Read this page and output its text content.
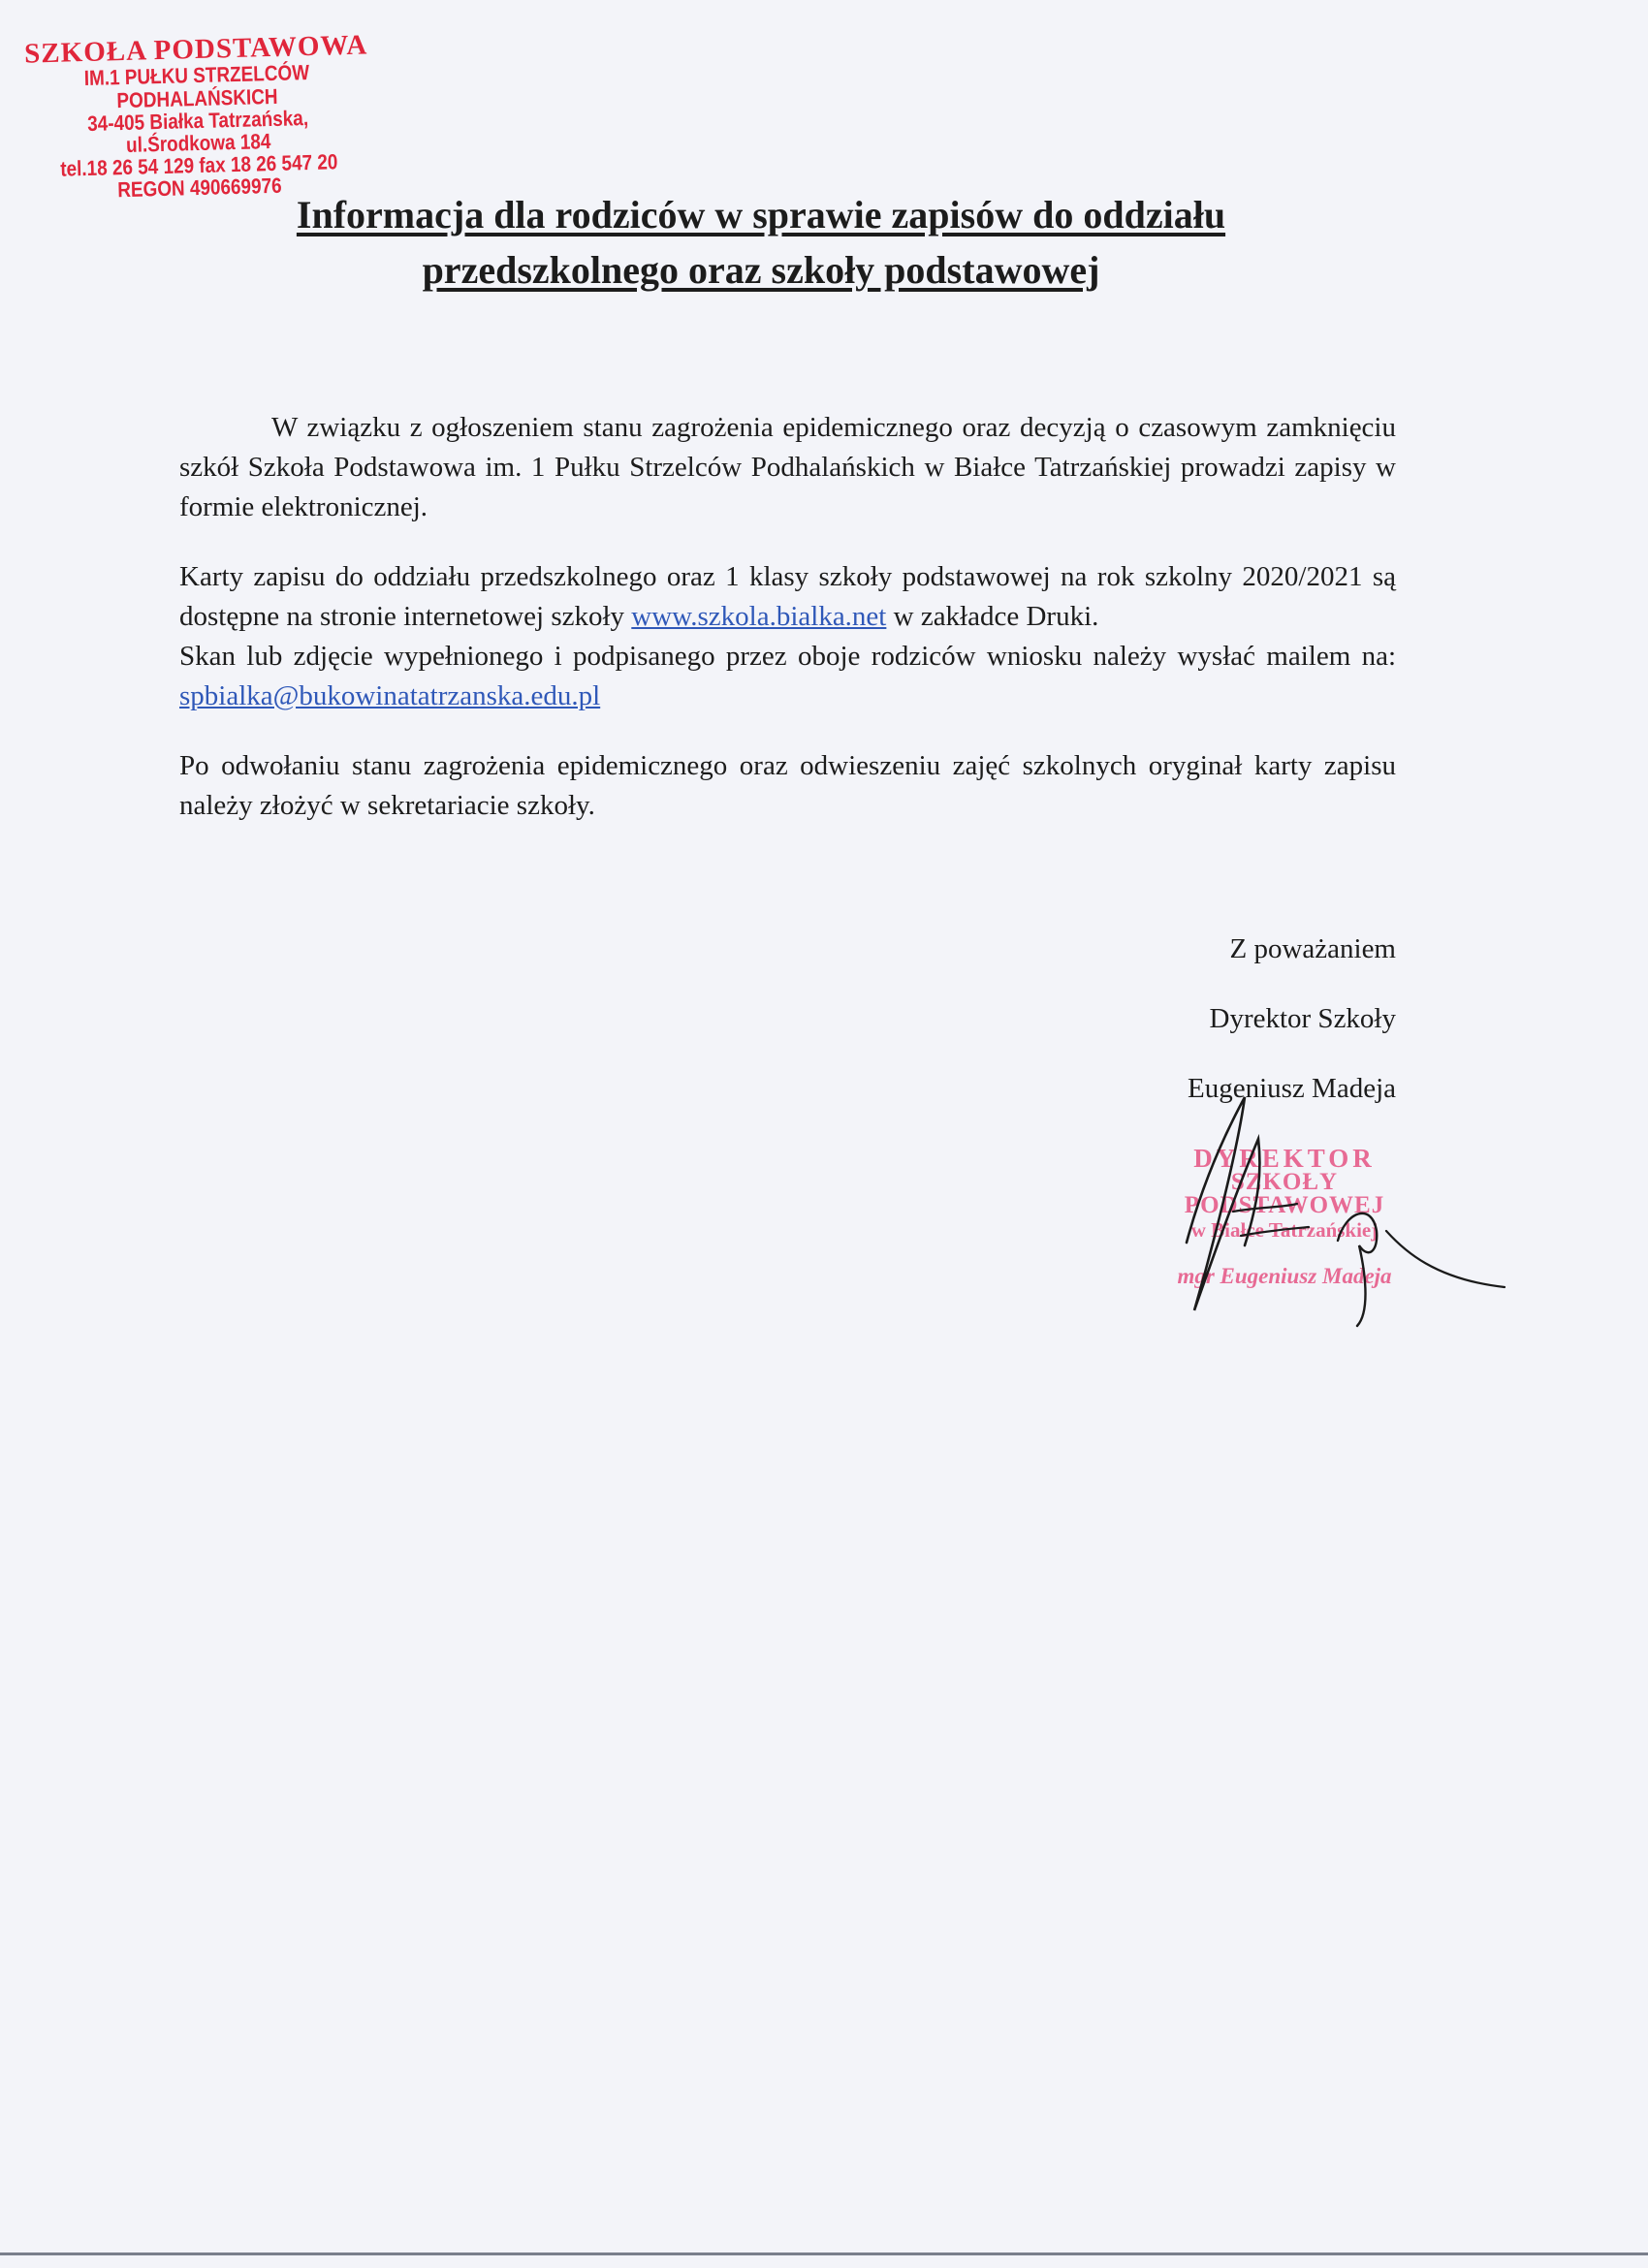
SZKOŁA PODSTAWOWA
IM.1 PUŁKU STRZELCÓW PODHALAŃSKICH
34-405 Białka Tatrzańska, ul.Środkowa 184
tel.18 26 54 129 fax 18 26 547 20
REGON 490669976
Informacja dla rodziców w sprawie zapisów do oddziału
przedszkolnego oraz szkoły podstawowej

W związku z ogłoszeniem stanu zagrożenia epidemicznego oraz decyzją o czasowym zamknięciu szkół Szkoła Podstawowa im. 1 Pułku Strzelców Podhalańskich w Białce Tatrzańskiej prowadzi zapisy w formie elektronicznej.

Karty zapisu do oddziału przedszkolnego oraz 1 klasy szkoły podstawowej na rok szkolny 2020/2021 są dostępne na stronie internetowej szkoły www.szkola.bialka.net w zakładce Druki.

Skan lub zdjęcie wypełnionego i podpisanego przez oboje rodziców wniosku należy wysłać mailem na: spbialka@bukowinatatrzanska.edu.pl

Po odwołaniu stanu zagrożenia epidemicznego oraz odwieszeniu zajęć szkolnych oryginał karty zapisu należy złożyć w sekretariacie szkoły.

Z poważaniem
Dyrektor Szkoły
Eugeniusz Madeja
DYREKTOR
SZKOŁY PODSTAWOWEJ
w Białce Tatrzańskiej
mgr Eugeniusz Madeja
